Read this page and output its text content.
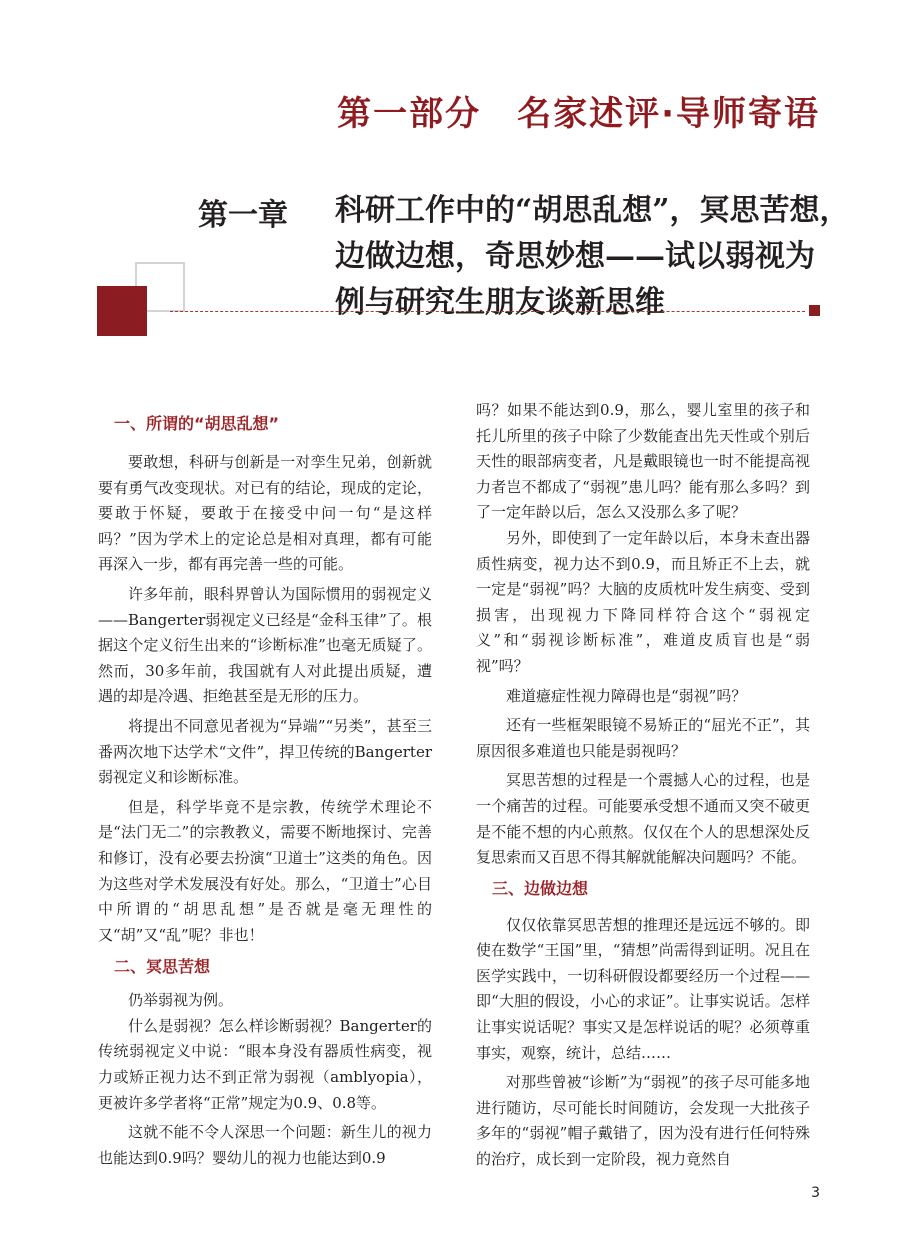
第一部分　名家述评·导师寄语
第一章 科研工作中的“胡思乱想”，冥思苦想，
边做边想，奇思妙想——试以弱视为
例与研究生朋友谈新思维
一、所谓的“胡思乱想”

要敢想，科研与创新是一对孪生兄弟，创新就要有勇气改变现状。对已有的结论，现成的定论，要敢于怀疑，要敢于在接受中问一句“是这样吗？”因为学术上的定论总是相对真理，都有可能再深入一步，都有再完善一些的可能。

许多年前，眼科界曾认为国际惯用的弱视定义——Bangerter弱视定义已经是“金科玉律”了。根据这个定义衍生出来的“诊断标准”也毫无质疑了。然而，30多年前，我国就有人对此提出质疑，遭遇的却是冷遇、拒绝甚至是无形的压力。

将提出不同意见者视为“异端”“另类”，甚至三番两次地下达学术“文件”，捍卫传统的Bangerter弱视定义和诊断标准。

但是，科学毕竟不是宗教，传统学术理论不是“法门无二”的宗教教义，需要不断地探讨、完善和修订，没有必要去扮演“卫道士”这类的角色。因为这些对学术发展没有好处。那么，“卫道士”心目中所谓的“胡思乱想”是否就是毫无理性的又“胡”又“乱”呢？非也！

二、冥思苦想

仍举弱视为例。

什么是弱视？怎么样诊断弱视？Bangerter的传统弱视定义中说：“眼本身没有器质性病变，视力或矫正视力达不到正常为弱视（amblyopia），更被许多学者将“正常”规定为0.9、0.8等。

这就不能不令人深思一个问题：新生儿的视力也能达到0.9吗？婴幼儿的视力也能达到0.9

吗？如果不能达到0.9，那么，婴儿室里的孩子和托儿所里的孩子中除了少数能查出先天性或个别后天性的眼部病变者，凡是戴眼镜也一时不能提高视力者岂不都成了“弱视”患儿吗？能有那么多吗？到了一定年龄以后，怎么又没那么多了呢？

另外，即使到了一定年龄以后，本身未查出器质性病变，视力达不到0.9，而且矫正不上去，就一定是“弱视”吗？大脑的皮质枕叶发生病变、受到损害，出现视力下降同样符合这个“弱视定义”和“弱视诊断标准”，难道皮质盲也是“弱视”吗？

难道癔症性视力障碍也是“弱视”吗？

还有一些框架眼镜不易矫正的“屈光不正”，其原因很多难道也只能是弱视吗？

冥思苦想的过程是一个震撼人心的过程，也是一个痛苦的过程。可能要承受想不通而又突不破更是不能不想的内心煎熬。仅仅在个人的思想深处反复思索而又百思不得其解就能解决问题吗？不能。

三、边做边想

仅仅依靠冥思苦想的推理还是远远不够的。即使在数学“王国”里，“猜想”尚需得到证明。况且在医学实践中，一切科研假设都要经历一个过程——即“大胆的假设，小心的求证”。让事实说话。怎样让事实说话呢？事实又是怎样说话的呢？必须尊重事实，观察，统计，总结……

对那些曾被“诊断”为“弱视”的孩子尽可能多地进行随访，尽可能长时间随访，会发现一大批孩子多年的“弱视”帽子戴错了，因为没有进行任何特殊的治疗，成长到一定阶段，视力竟然自

3
